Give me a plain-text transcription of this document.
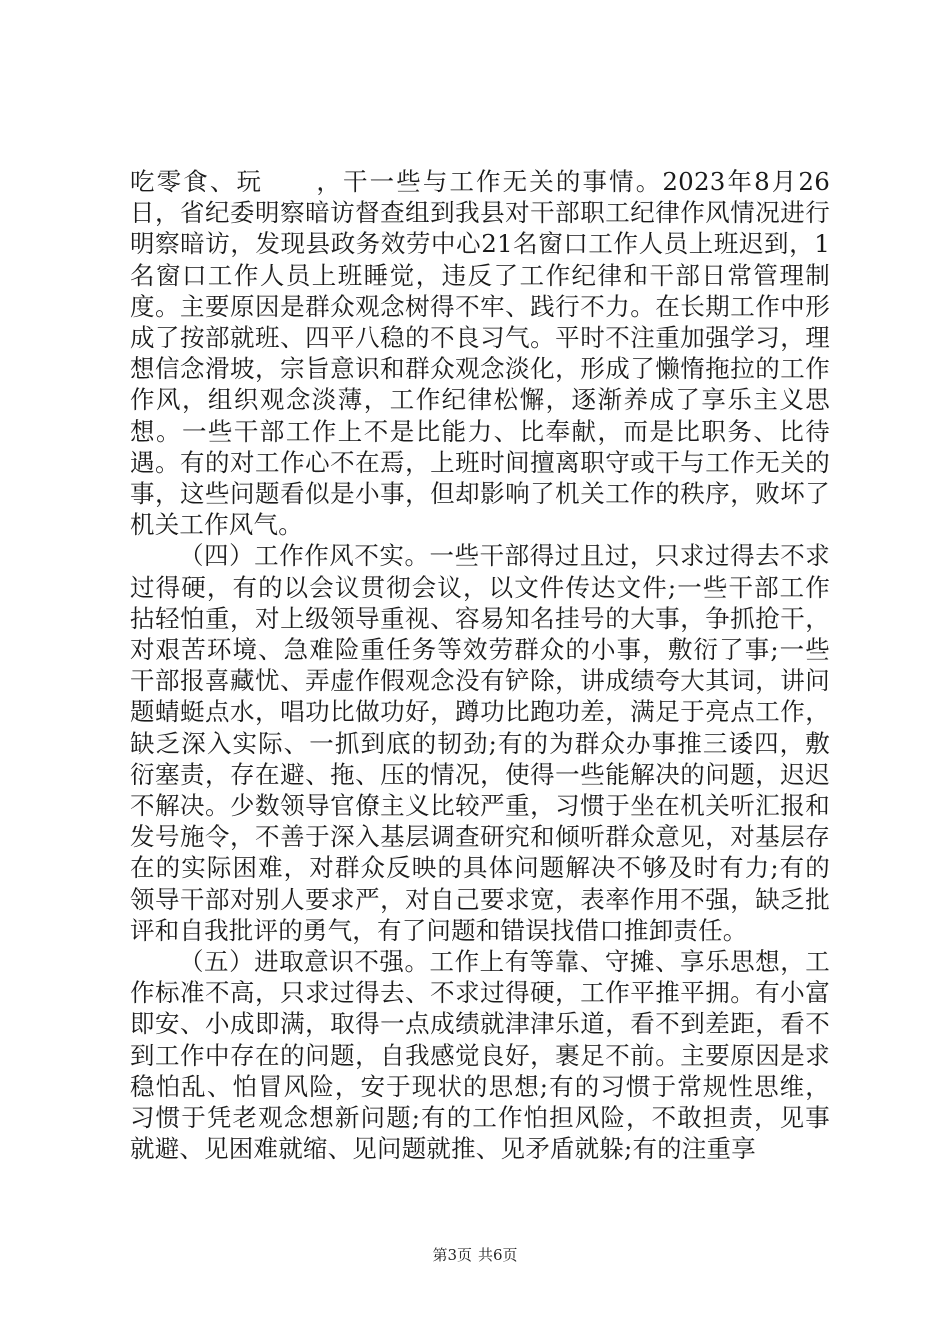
吃零食、玩　　，干一些与工作无关的事情。2023年8月26日，省纪委明察暗访督查组到我县对干部职工纪律作风情况进行明察暗访，发现县政务效劳中心21名窗口工作人员上班迟到，1名窗口工作人员上班睡觉，违反了工作纪律和干部日常管理制度。主要原因是群众观念树得不牢、践行不力。在长期工作中形成了按部就班、四平八稳的不良习气。平时不注重加强学习，理想信念滑坡，宗旨意识和群众观念淡化，形成了懒惰拖拉的工作作风，组织观念淡薄，工作纪律松懈，逐渐养成了享乐主义思想。一些干部工作上不是比能力、比奉献，而是比职务、比待遇。有的对工作心不在焉，上班时间擅离职守或干与工作无关的事，这些问题看似是小事，但却影响了机关工作的秩序，败坏了机关工作风气。

（四）工作作风不实。一些干部得过且过，只求过得去不求过得硬，有的以会议贯彻会议，以文件传达文件;一些干部工作拈轻怕重，对上级领导重视、容易知名挂号的大事，争抓抢干，对艰苦环境、急难险重任务等效劳群众的小事，敷衍了事;一些干部报喜藏忧、弄虚作假观念没有铲除，讲成绩夸大其词，讲问题蜻蜓点水，唱功比做功好，蹲功比跑功差，满足于亮点工作，缺乏深入实际、一抓到底的韧劲;有的为群众办事推三诿四，敷衍塞责，存在避、拖、压的情况，使得一些能解决的问题，迟迟不解决。少数领导官僚主义比较严重，习惯于坐在机关听汇报和发号施令，不善于深入基层调查研究和倾听群众意见，对基层存在的实际困难，对群众反映的具体问题解决不够及时有力;有的领导干部对别人要求严，对自己要求宽，表率作用不强，缺乏批评和自我批评的勇气，有了问题和错误找借口推卸责任。

（五）进取意识不强。工作上有等靠、守摊、享乐思想，工作标准不高，只求过得去、不求过得硬，工作平推平拥。有小富即安、小成即满，取得一点成绩就津津乐道，看不到差距，看不到工作中存在的问题，自我感觉良好，裹足不前。主要原因是求稳怕乱、怕冒风险，安于现状的思想;有的习惯于常规性思维，习惯于凭老观念想新问题;有的工作怕担风险，不敢担责，见事就避、见困难就缩、见问题就推、见矛盾就躲;有的注重享

第3页 共6页
